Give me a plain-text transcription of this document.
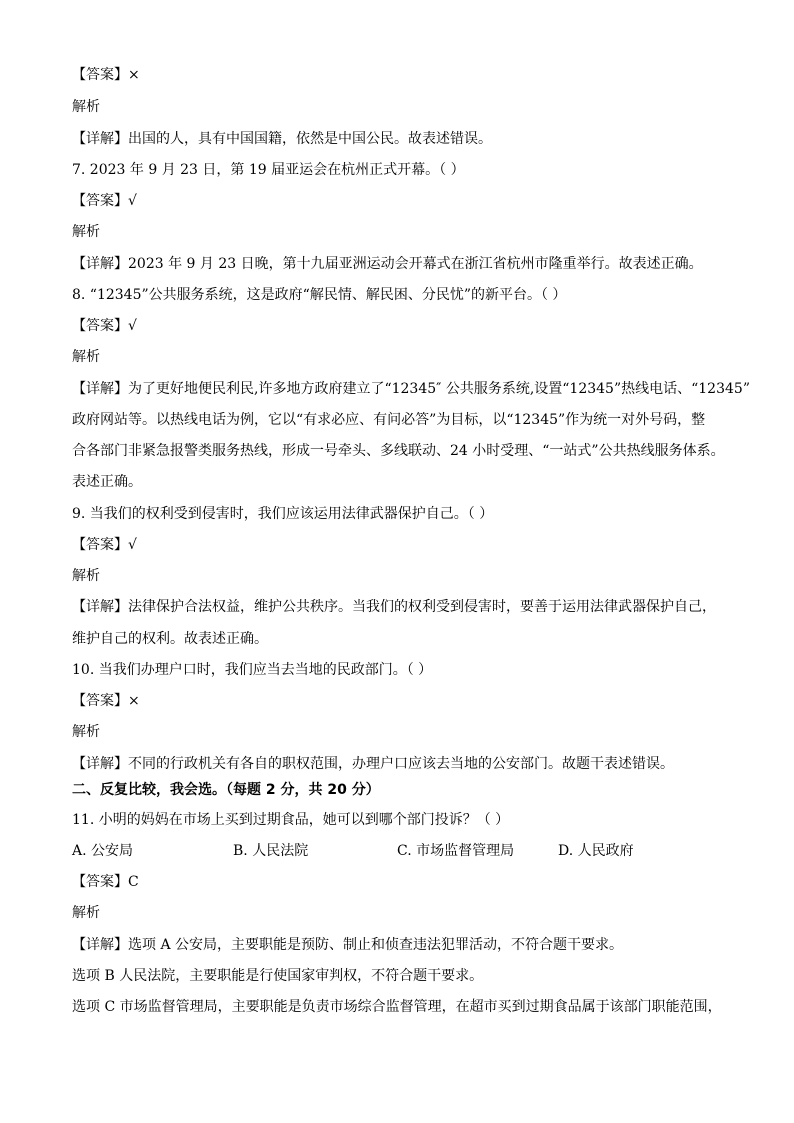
【答案】×
解析
【详解】出国的人，具有中国国籍，依然是中国公民。故表述错误。
7. 2023 年 9 月 23 日，第 19 届亚运会在杭州正式开幕。（ ）
【答案】√
解析
【详解】2023 年 9 月 23 日晚，第十九届亚洲运动会开幕式在浙江省杭州市隆重举行。故表述正确。
8. “12345”公共服务系统，这是政府“解民情、解民困、分民忧”的新平台。（ ）
【答案】√
解析
【详解】为了更好地便民利民,许多地方政府建立了“12345″ 公共服务系统,设置“12345”热线电话、“12345”
政府网站等。以热线电话为例，它以“有求必应、有问必答”为目标，以“12345”作为统一对外号码，整
合各部门非紧急报警类服务热线，形成一号牵头、多线联动、24 小时受理、“一站式”公共热线服务体系。
表述正确。
9. 当我们的权利受到侵害时，我们应该运用法律武器保护自己。（ ）
【答案】√
解析
【详解】法律保护合法权益，维护公共秩序。当我们的权利受到侵害时，要善于运用法律武器保护自己，
维护自己的权利。故表述正确。
10. 当我们办理户口时，我们应当去当地的民政部门。（ ）
【答案】×
解析
【详解】不同的行政机关有各自的职权范围，办理户口应该去当地的公安部门。故题干表述错误。
二、反复比较，我会选。（每题 2 分，共 20 分）
11. 小明的妈妈在市场上买到过期食品，她可以到哪个部门投诉？（ ）
A. 公安局	B. 人民法院	C. 市场监督管理局	D. 人民政府
【答案】C
解析
【详解】选项 A 公安局，主要职能是预防、制止和侦查违法犯罪活动，不符合题干要求。
选项 B 人民法院，主要职能是行使国家审判权，不符合题干要求。
选项 C 市场监督管理局，主要职能是负责市场综合监督管理，在超市买到过期食品属于该部门职能范围，
